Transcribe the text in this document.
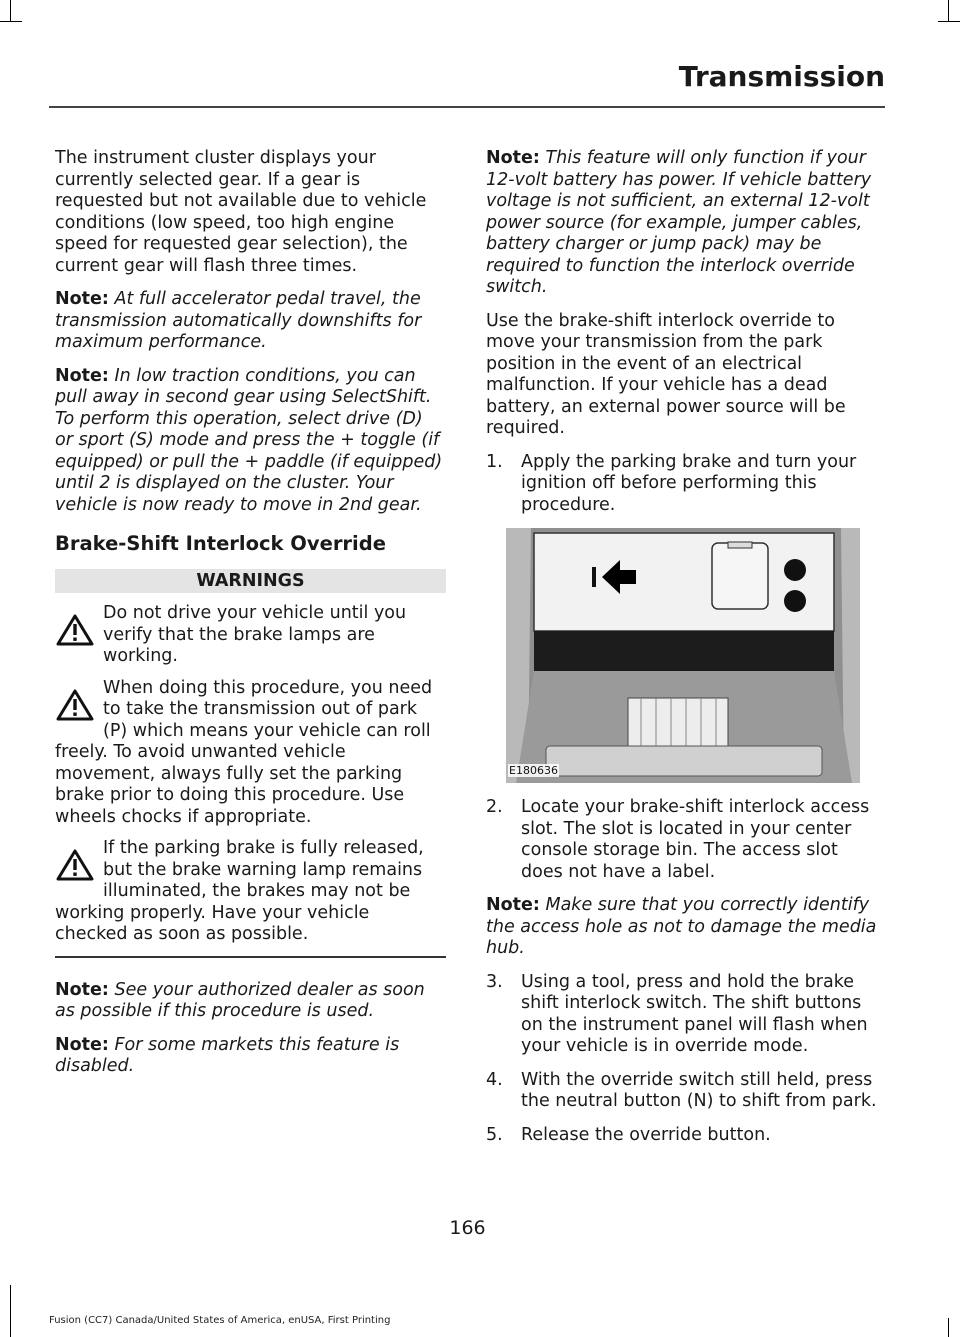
Transmission

The instrument cluster displays your currently selected gear. If a gear is requested but not available due to vehicle conditions (low speed, too high engine speed for requested gear selection), the current gear will flash three times.

Note: At full accelerator pedal travel, the transmission automatically downshifts for maximum performance.

Note: In low traction conditions, you can pull away in second gear using SelectShift. To perform this operation, select drive (D) or sport (S) mode and press the + toggle (if equipped) or pull the + paddle (if equipped) until 2 is displayed on the cluster. Your vehicle is now ready to move in 2nd gear.

Brake-Shift Interlock Override
WARNINGS
Do not drive your vehicle until you verify that the brake lamps are working.
When doing this procedure, you need to take the transmission out of park (P) which means your vehicle can roll freely. To avoid unwanted vehicle movement, always fully set the parking brake prior to doing this procedure. Use wheels chocks if appropriate.
If the parking brake is fully released, but the brake warning lamp remains illuminated, the brakes may not be working properly. Have your vehicle checked as soon as possible.

Note: See your authorized dealer as soon as possible if this procedure is used.

Note: For some markets this feature is disabled.

Note: This feature will only function if your 12-volt battery has power. If vehicle battery voltage is not sufficient, an external 12-volt power source (for example, jumper cables, battery charger or jump pack) may be required to function the interlock override switch.

Use the brake-shift interlock override to move your transmission from the park position in the event of an electrical malfunction. If your vehicle has a dead battery, an external power source will be required.

1. Apply the parking brake and turn your ignition off before performing this procedure.
E180636
2. Locate your brake-shift interlock access slot. The slot is located in your center console storage bin. The access slot does not have a label.

Note: Make sure that you correctly identify the access hole as not to damage the media hub.

3. Using a tool, press and hold the brake shift interlock switch. The shift buttons on the instrument panel will flash when your vehicle is in override mode.
4. With the override switch still held, press the neutral button (N) to shift from park.
5. Release the override button.
166
Fusion (CC7) Canada/United States of America, enUSA, First Printing
